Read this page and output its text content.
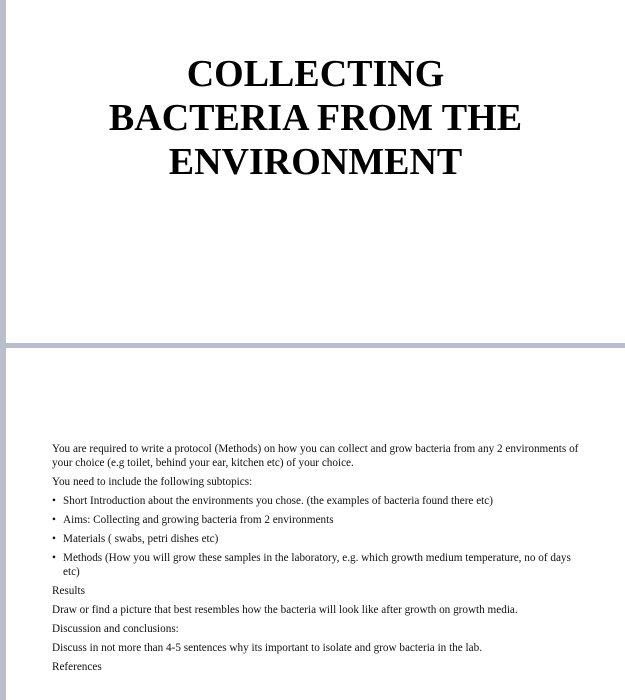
COLLECTING
BACTERIA FROM THE
ENVIRONMENT

You are required to write a protocol (Methods) on how you can collect and grow bacteria from any 2 environments of your choice (e.g toilet, behind your ear, kitchen etc) of your choice.

You need to include the following subtopics:

• Short Introduction about the environments you chose. (the examples of bacteria found there etc)
• Aims: Collecting and growing bacteria from 2 environments
• Materials ( swabs, petri dishes etc)
• Methods (How you will grow these samples in the laboratory, e.g. which growth medium temperature, no of days etc)

Results

Draw or find a picture that best resembles how the bacteria will look like after growth on growth media.

Discussion and conclusions:

Discuss in not more than 4-5 sentences why its important to isolate and grow bacteria in the lab.

References
